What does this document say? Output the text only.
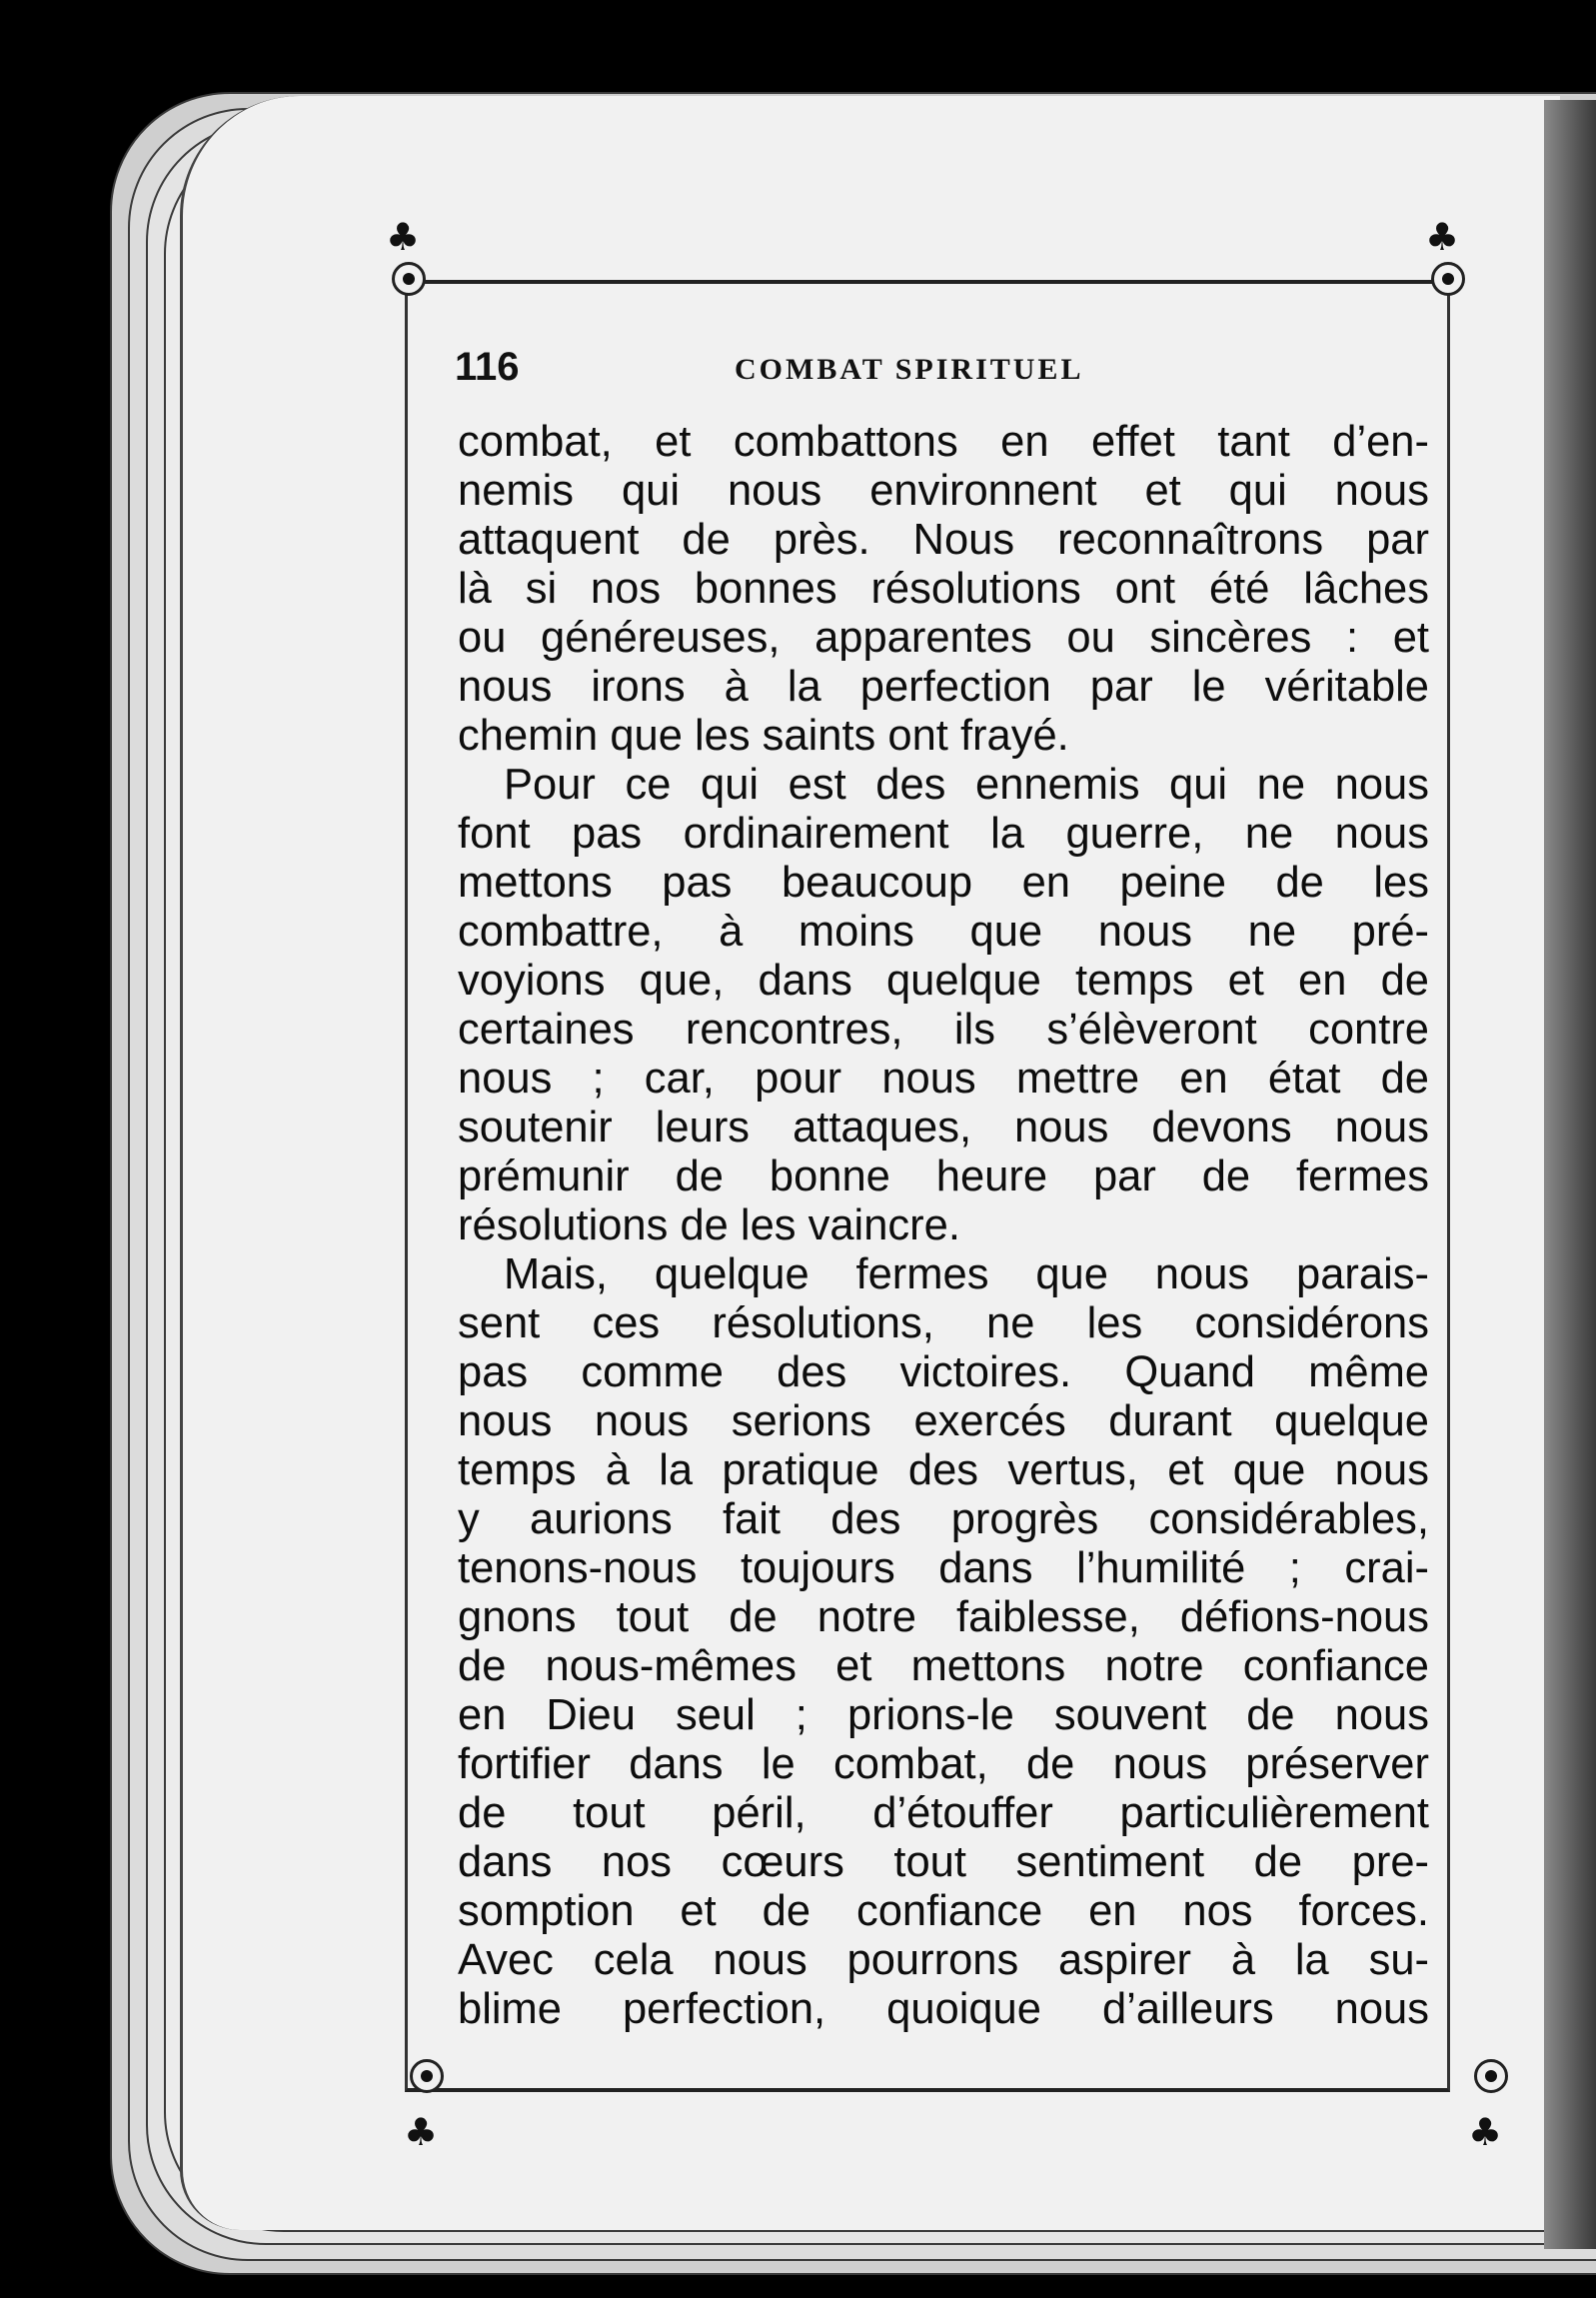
♣	♣
♣	♣
116	COMBAT SPIRITUEL
combat, et combattons en effet tant d’en-
nemis qui nous environnent et qui nous
attaquent de près. Nous reconnaîtrons par
là si nos bonnes résolutions ont été lâches
ou généreuses, apparentes ou sincères : et
nous irons à la perfection par le véritable
chemin que les saints ont frayé.
Pour ce qui est des ennemis qui ne nous
font pas ordinairement la guerre, ne nous
mettons pas beaucoup en peine de les
combattre, à moins que nous ne pré-
voyions que, dans quelque temps et en de
certaines rencontres, ils s’élèveront contre
nous ; car, pour nous mettre en état de
soutenir leurs attaques, nous devons nous
prémunir de bonne heure par de fermes
résolutions de les vaincre.
Mais, quelque fermes que nous parais-
sent ces résolutions, ne les considérons
pas comme des victoires. Quand même
nous nous serions exercés durant quelque
temps à la pratique des vertus, et que nous
y aurions fait des progrès considérables,
tenons-nous toujours dans l’humilité ; crai-
gnons tout de notre faiblesse, défions-nous
de nous-mêmes et mettons notre confiance
en Dieu seul ; prions-le souvent de nous
fortifier dans le combat, de nous préserver
de tout péril, d’étouffer particulièrement
dans nos cœurs tout sentiment de pre-
somption et de confiance en nos forces.
Avec cela nous pourrons aspirer à la su-
blime perfection, quoique d’ailleurs nous
